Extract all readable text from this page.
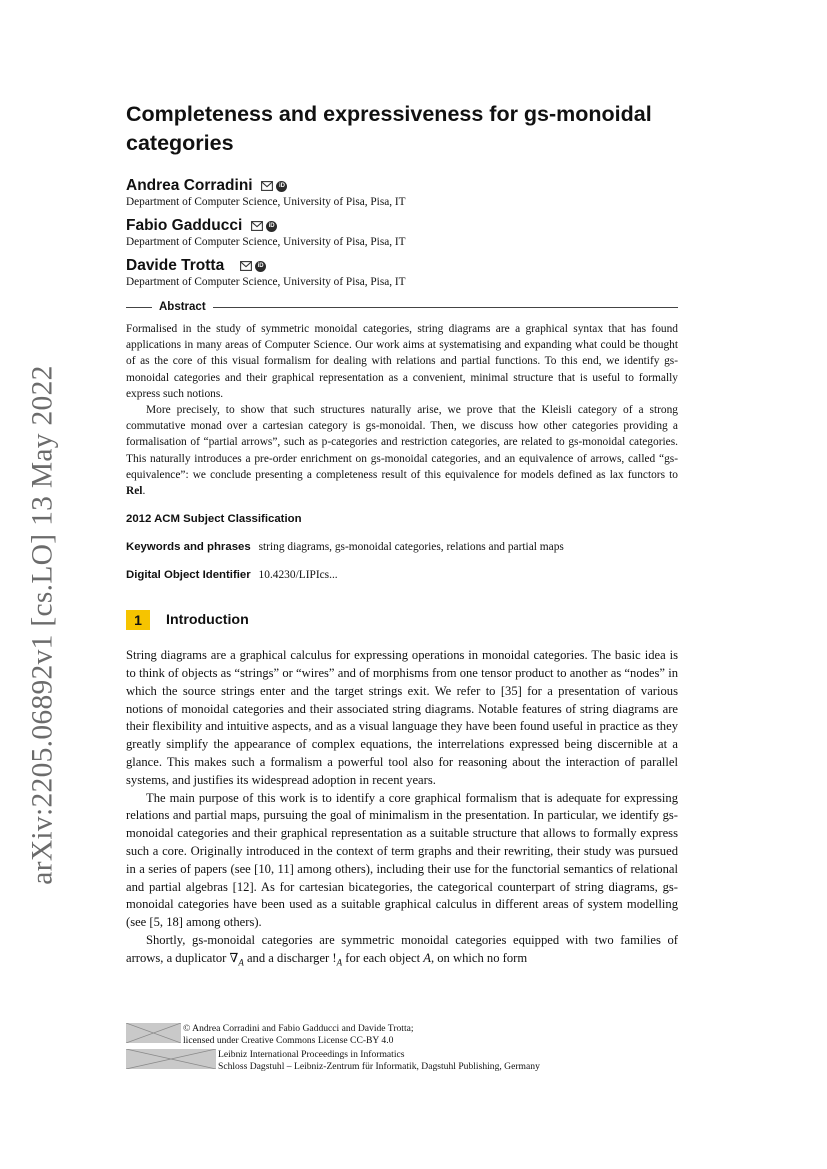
arXiv:2205.06892v1 [cs.LO] 13 May 2022
Completeness and expressiveness for gs-monoidal categories
Andrea Corradini	iD
Department of Computer Science, University of Pisa, Pisa, IT
Fabio Gadducci	iD
Department of Computer Science, University of Pisa, Pisa, IT
Davide Trotta	iD
Department of Computer Science, University of Pisa, Pisa, IT
Abstract

Formalised in the study of symmetric monoidal categories, string diagrams are a graphical syntax that has found applications in many areas of Computer Science. Our work aims at systematising and expanding what could be thought of as the core of this visual formalism for dealing with relations and partial functions. To this end, we identify gs-monoidal categories and their graphical representation as a convenient, minimal structure that is useful to formally express such notions.

More precisely, to show that such structures naturally arise, we prove that the Kleisli category of a strong commutative monad over a cartesian category is gs-monoidal. Then, we discuss how other categories providing a formalisation of “partial arrows”, such as p-categories and restriction categories, are related to gs-monoidal categories. This naturally introduces a pre-order enrichment on gs-monoidal categories, and an equivalence of arrows, called “gs-equivalence”: we conclude presenting a completeness result of this equivalence for models defined as lax functors to Rel.

2012 ACM Subject Classification
Keywords and phrases string diagrams, gs-monoidal categories, relations and partial maps
Digital Object Identifier 10.4230/LIPIcs...
1	Introduction

String diagrams are a graphical calculus for expressing operations in monoidal categories. The basic idea is to think of objects as “strings” or “wires” and of morphisms from one tensor product to another as “nodes” in which the source strings enter and the target strings exit. We refer to [35] for a presentation of various notions of monoidal categories and their associated string diagrams. Notable features of string diagrams are their flexibility and intuitive aspects, and as a visual language they have been found useful in practice as they greatly simplify the appearance of complex equations, the interrelations expressed being discernible at a glance. This makes such a formalism a powerful tool also for reasoning about the interaction of parallel systems, and justifies its widespread adoption in recent years.

The main purpose of this work is to identify a core graphical formalism that is adequate for expressing relations and partial maps, pursuing the goal of minimalism in the presentation. In particular, we identify gs-monoidal categories and their graphical representation as a suitable structure that allows to formally express such a core. Originally introduced in the context of term graphs and their rewriting, their study was pursued in a series of papers (see [10, 11] among others), including their use for the functorial semantics of relational and partial algebras [12]. As for cartesian bicategories, the categorical counterpart of string diagrams, gs-monoidal categories have been used as a suitable graphical calculus in different areas of system modelling (see [5, 18] among others).

Shortly, gs-monoidal categories are symmetric monoidal categories equipped with two families of arrows, a duplicator $\nabla_A$ and a discharger $!_A$ for each object A, on which no form

© Andrea Corradini and Fabio Gadducci and Davide Trotta;
licensed under Creative Commons License CC-BY 4.0
Leibniz International Proceedings in Informatics
Schloss Dagstuhl – Leibniz-Zentrum für Informatik, Dagstuhl Publishing, Germany
